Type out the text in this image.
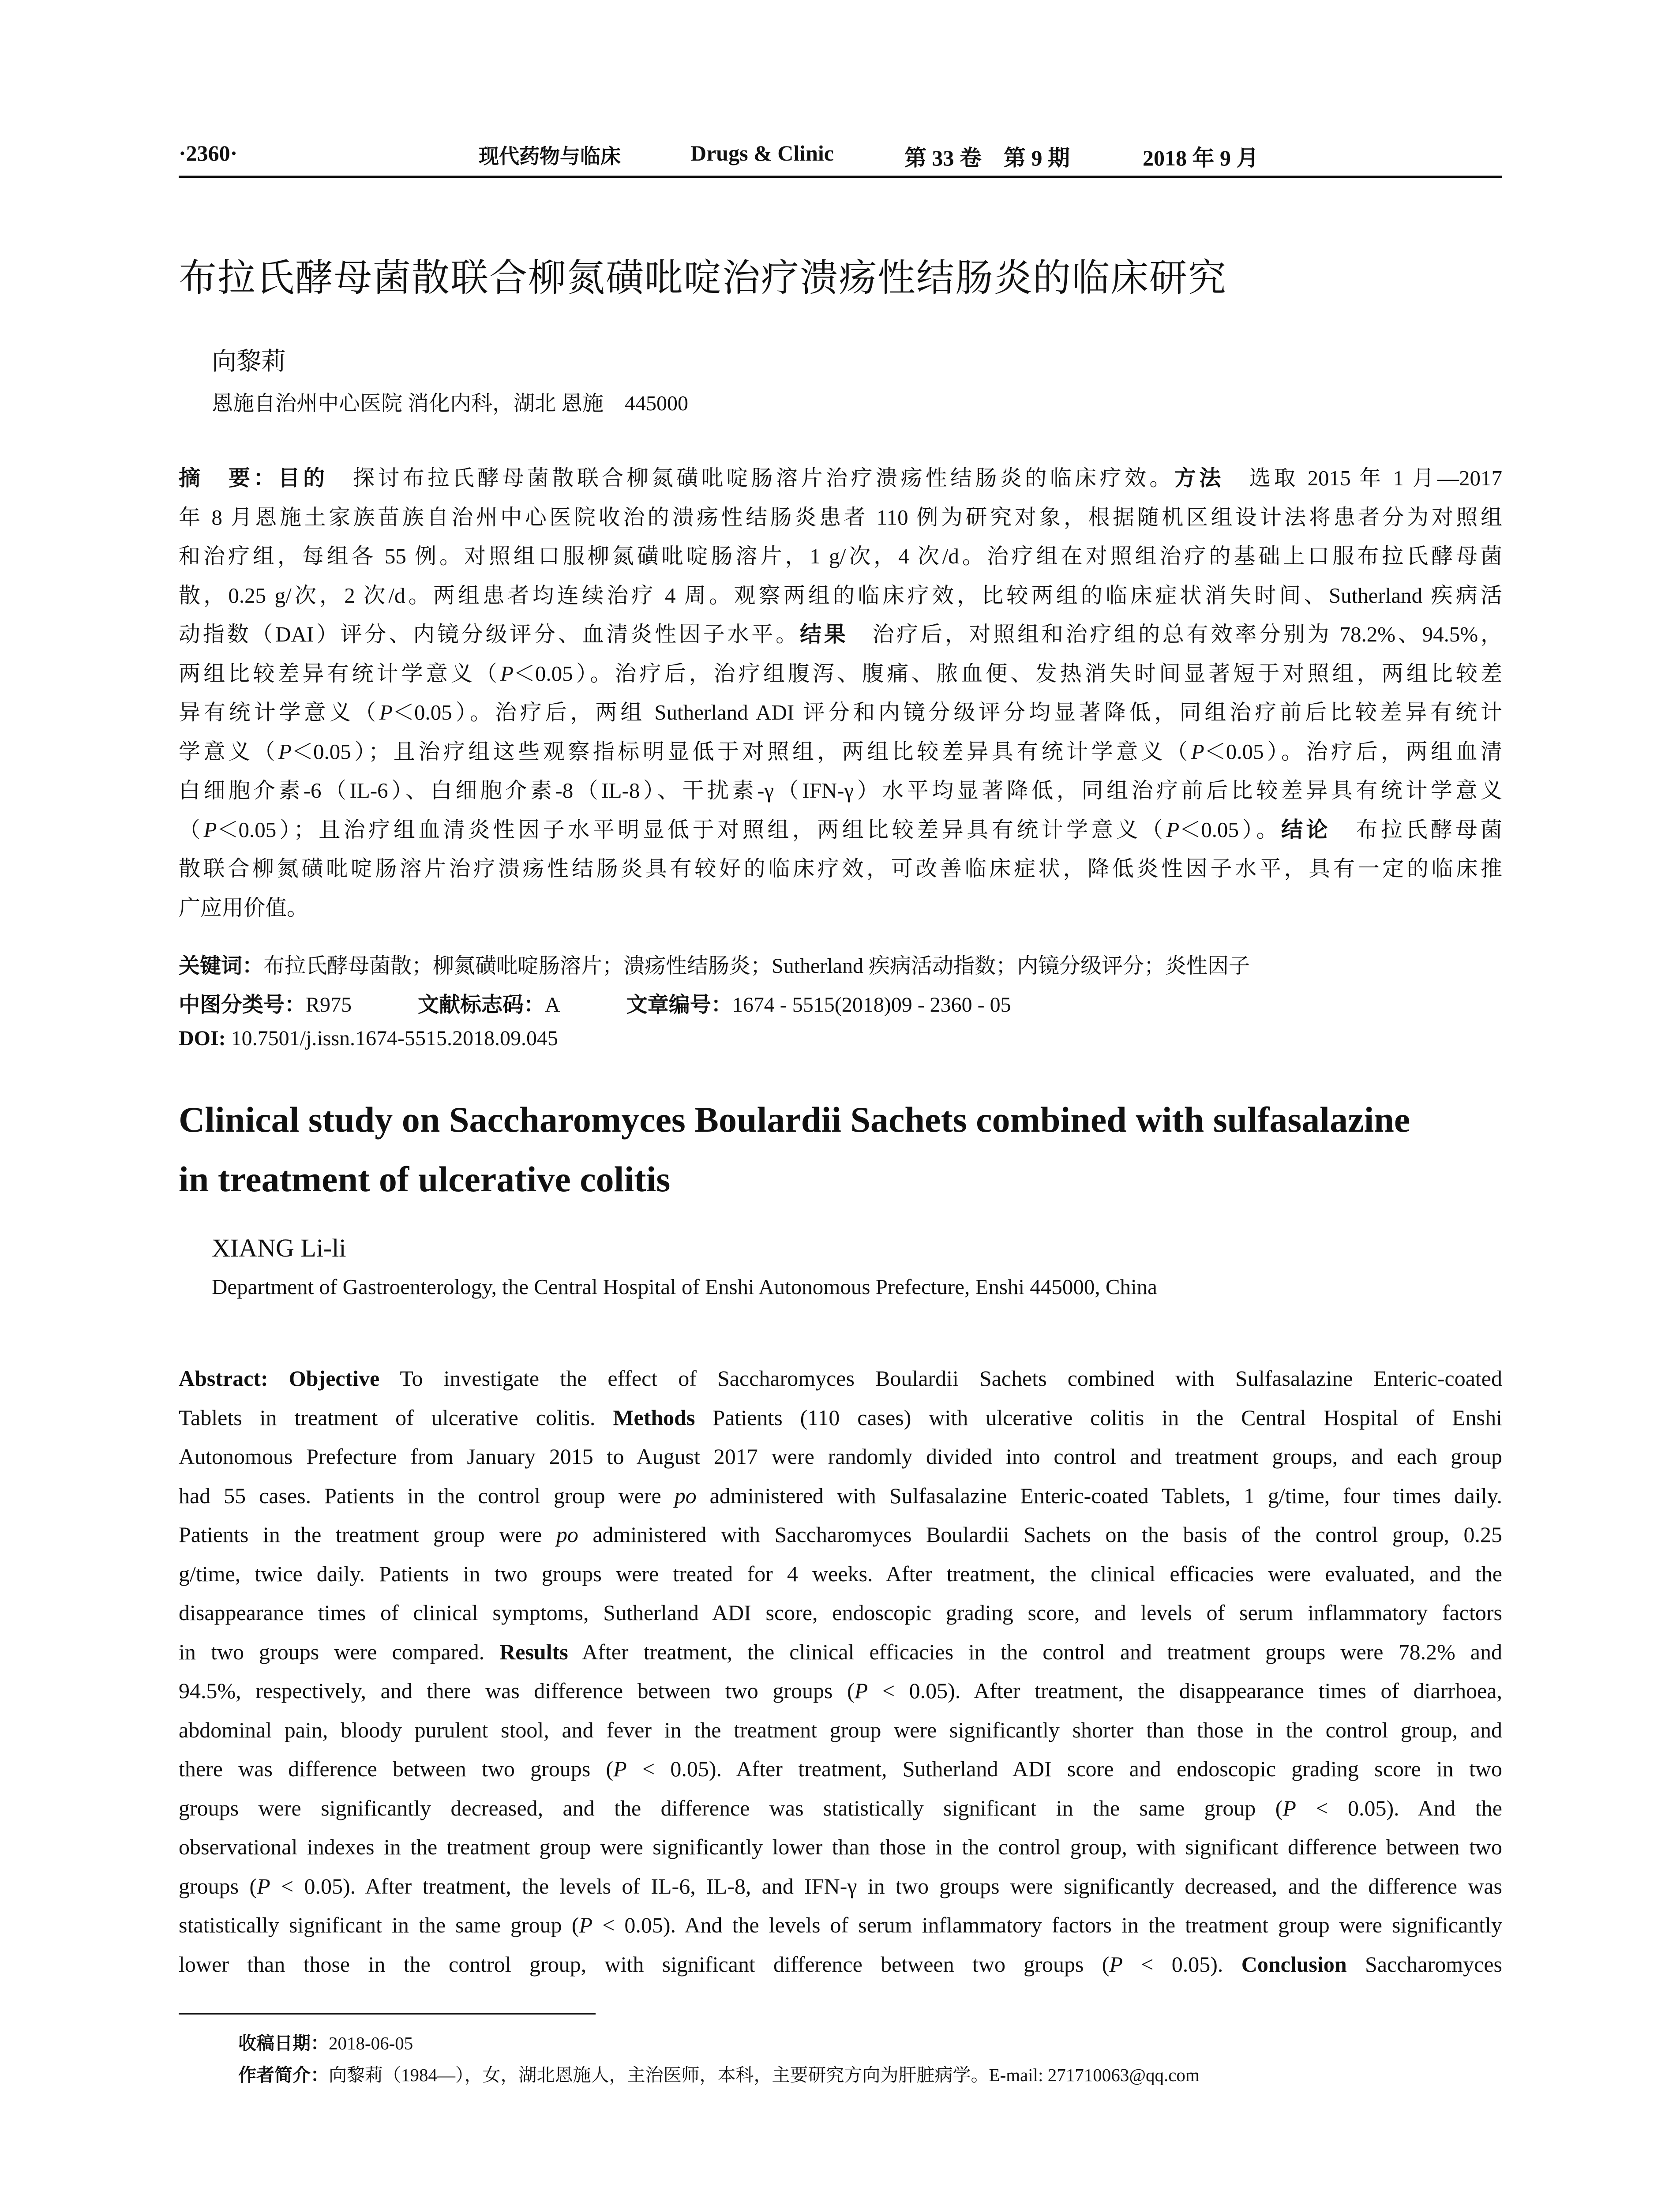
·2360·	现代药物与临床	Drugs & Clinic	第 33 卷　第 9 期	2018 年 9 月
布拉氏酵母菌散联合柳氮磺吡啶治疗溃疡性结肠炎的临床研究
向黎莉
恩施自治州中心医院 消化内科，湖北 恩施　445000
摘　要：目的　探讨布拉氏酵母菌散联合柳氮磺吡啶肠溶片治疗溃疡性结肠炎的临床疗效。方法　选取 2015 年 1 月—2017
年 8 月恩施土家族苗族自治州中心医院收治的溃疡性结肠炎患者 110 例为研究对象，根据随机区组设计法将患者分为对照组
和治疗组，每组各 55 例。对照组口服柳氮磺吡啶肠溶片，1 g/次，4 次/d。治疗组在对照组治疗的基础上口服布拉氏酵母菌
散，0.25 g/次，2 次/d。两组患者均连续治疗 4 周。观察两组的临床疗效，比较两组的临床症状消失时间、Sutherland 疾病活
动指数（DAI）评分、内镜分级评分、血清炎性因子水平。结果　治疗后，对照组和治疗组的总有效率分别为 78.2%、94.5%，
两组比较差异有统计学意义（P＜0.05）。治疗后，治疗组腹泻、腹痛、脓血便、发热消失时间显著短于对照组，两组比较差
异有统计学意义（P＜0.05）。治疗后，两组 Sutherland ADI 评分和内镜分级评分均显著降低，同组治疗前后比较差异有统计
学意义（P＜0.05）；且治疗组这些观察指标明显低于对照组，两组比较差异具有统计学意义（P＜0.05）。治疗后，两组血清
白细胞介素-6（IL-6）、白细胞介素-8（IL-8）、干扰素-γ（IFN-γ）水平均显著降低，同组治疗前后比较差异具有统计学意义
（P＜0.05）；且治疗组血清炎性因子水平明显低于对照组，两组比较差异具有统计学意义（P＜0.05）。结论　布拉氏酵母菌
散联合柳氮磺吡啶肠溶片治疗溃疡性结肠炎具有较好的临床疗效，可改善临床症状，降低炎性因子水平，具有一定的临床推
广应用价值。
关键词：布拉氏酵母菌散；柳氮磺吡啶肠溶片；溃疡性结肠炎；Sutherland 疾病活动指数；内镜分级评分；炎性因子
中图分类号：R975	文献标志码：A	文章编号：1674 - 5515(2018)09 - 2360 - 05
DOI: 10.7501/j.issn.1674-5515.2018.09.045
Clinical study on Saccharomyces Boulardii Sachets combined with sulfasalazine
in treatment of ulcerative colitis
XIANG Li-li
Department of Gastroenterology, the Central Hospital of Enshi Autonomous Prefecture, Enshi 445000, China
Abstract: Objective To investigate the effect of Saccharomyces Boulardii Sachets combined with Sulfasalazine Enteric-coated
Tablets in treatment of ulcerative colitis. Methods Patients (110 cases) with ulcerative colitis in the Central Hospital of Enshi
Autonomous Prefecture from January 2015 to August 2017 were randomly divided into control and treatment groups, and each group
had 55 cases. Patients in the control group were po administered with Sulfasalazine Enteric-coated Tablets, 1 g/time, four times daily.
Patients in the treatment group were po administered with Saccharomyces Boulardii Sachets on the basis of the control group, 0.25
g/time, twice daily. Patients in two groups were treated for 4 weeks. After treatment, the clinical efficacies were evaluated, and the
disappearance times of clinical symptoms, Sutherland ADI score, endoscopic grading score, and levels of serum inflammatory factors
in two groups were compared. Results After treatment, the clinical efficacies in the control and treatment groups were 78.2% and
94.5%, respectively, and there was difference between two groups (P < 0.05). After treatment, the disappearance times of diarrhoea,
abdominal pain, bloody purulent stool, and fever in the treatment group were significantly shorter than those in the control group, and
there was difference between two groups (P < 0.05). After treatment, Sutherland ADI score and endoscopic grading score in two
groups were significantly decreased, and the difference was statistically significant in the same group (P < 0.05). And the
observational indexes in the treatment group were significantly lower than those in the control group, with significant difference between two
groups (P < 0.05). After treatment, the levels of IL-6, IL-8, and IFN-γ in two groups were significantly decreased, and the difference was
statistically significant in the same group (P < 0.05). And the levels of serum inflammatory factors in the treatment group were significantly
lower than those in the control group, with significant difference between two groups (P < 0.05). Conclusion Saccharomyces
收稿日期：2018-06-05
作者简介：向黎莉（1984—），女，湖北恩施人，主治医师，本科，主要研究方向为肝脏病学。E-mail: 271710063@qq.com
